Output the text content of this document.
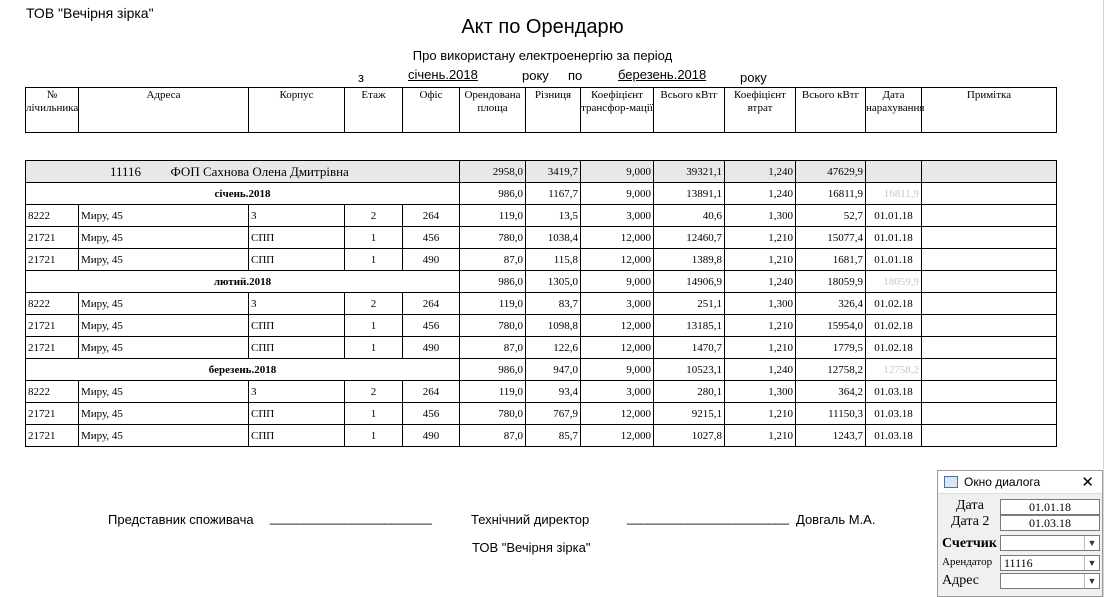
ТОВ "Вечірня зірка"
Акт по Орендарю
Про використану електроенергію за період
з	січень.2018	року по	березень.2018	року
№ лічильника	Адреса	Корпус	Етаж	Офіс	Орендована площа	Різниця	Коефіцієнт трансфор-мації	Всього кВтг	Коефіцієнт втрат	Всього кВтг	Дата нарахування	Примітка
	11116 ФОП Сахнова Олена Дмитрівна				2958,0	3419,7	9,000	39321,1	1,240	47629,9		
січень.2018					986,0	1167,7	9,000	13891,1	1,240	16811,9	16811,9	
8222	Миру, 45	3	2	264	119,0	13,5	3,000	40,6	1,300	52,7	01.01.18	
21721	Миру, 45	СПП	1	456	780,0	1038,4	12,000	12460,7	1,210	15077,4	01.01.18	
21721	Миру, 45	СПП	1	490	87,0	115,8	12,000	1389,8	1,210	1681,7	01.01.18	
лютий.2018					986,0	1305,0	9,000	14906,9	1,240	18059,9	18059,9	
8222	Миру, 45	3	2	264	119,0	83,7	3,000	251,1	1,300	326,4	01.02.18	
21721	Миру, 45	СПП	1	456	780,0	1098,8	12,000	13185,1	1,210	15954,0	01.02.18	
21721	Миру, 45	СПП	1	490	87,0	122,6	12,000	1470,7	1,210	1779,5	01.02.18	
березень.2018					986,0	947,0	9,000	10523,1	1,240	12758,2	12758,2	
8222	Миру, 45	3	2	264	119,0	93,4	3,000	280,1	1,300	364,2	01.03.18	
21721	Миру, 45	СПП	1	456	780,0	767,9	12,000	9215,1	1,210	11150,3	01.03.18	
21721	Миру, 45	СПП	1	490	87,0	85,7	12,000	1027,8	1,210	1243,7	01.03.18	
Представник споживача ________________________	Технічний директор	________________________ Довгаль М.А.
ТОВ "Вечірня зірка"
Окно диалога	✕
Дата	01.01.18
Дата 2	01.03.18
Счетчик	▼
Арендатор 11116	▼
Адрес	▼
